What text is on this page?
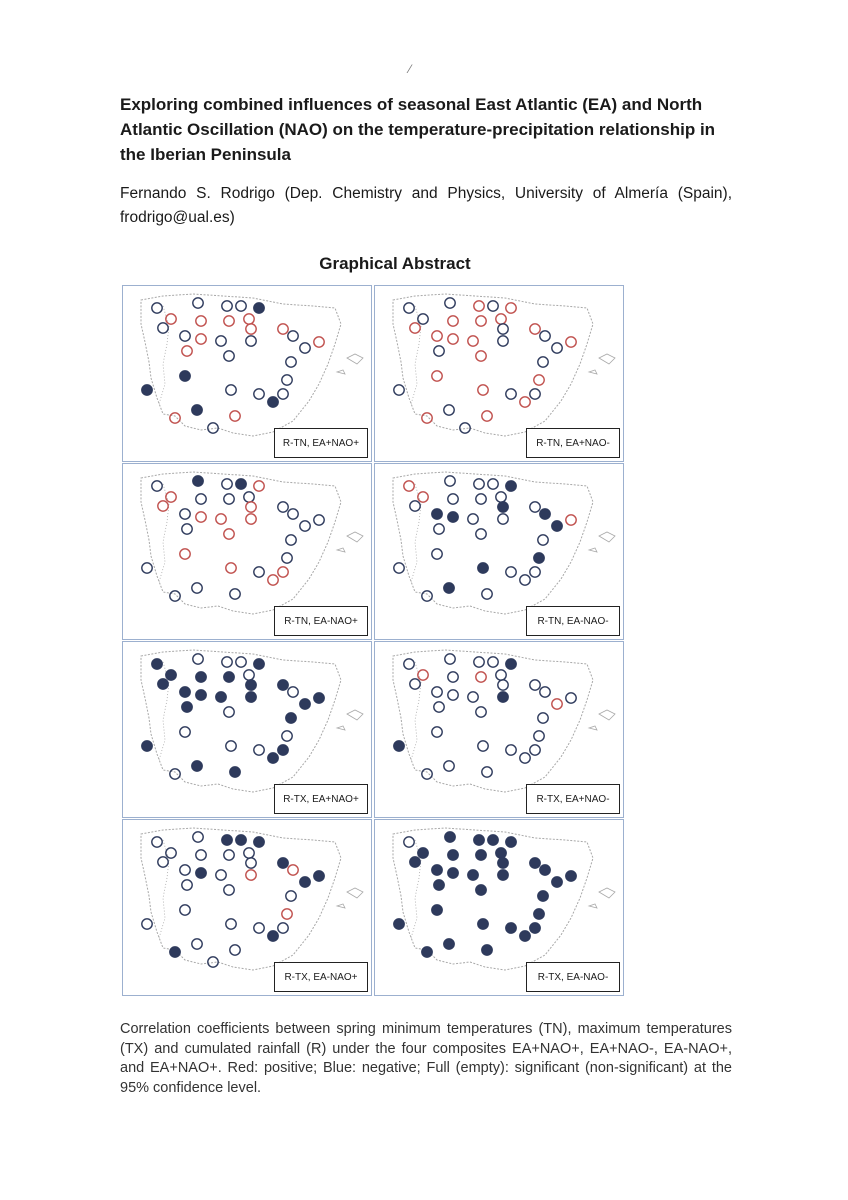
⁄
Exploring combined influences of seasonal East Atlantic (EA) and North Atlantic Oscillation (NAO) on the temperature-precipitation relationship in the Iberian Peninsula
Fernando S. Rodrigo (Dep. Chemistry and Physics, University of Almería (Spain), frodrigo@ual.es)
Graphical Abstract
R-TN, EA+NAO+	R-TN, EA+NAO-
R-TN, EA-NAO+	R-TN, EA-NAO-
R-TX, EA+NAO+	R-TX, EA+NAO-
R-TX, EA-NAO+	R-TX, EA-NAO-
Correlation coefficients between spring minimum temperatures (TN), maximum temperatures (TX) and cumulated rainfall (R) under the four composites EA+NAO+, EA+NAO-, EA-NAO+, and EA+NAO+. Red: positive; Blue: negative; Full (empty): significant (non-significant) at the 95% confidence level.
